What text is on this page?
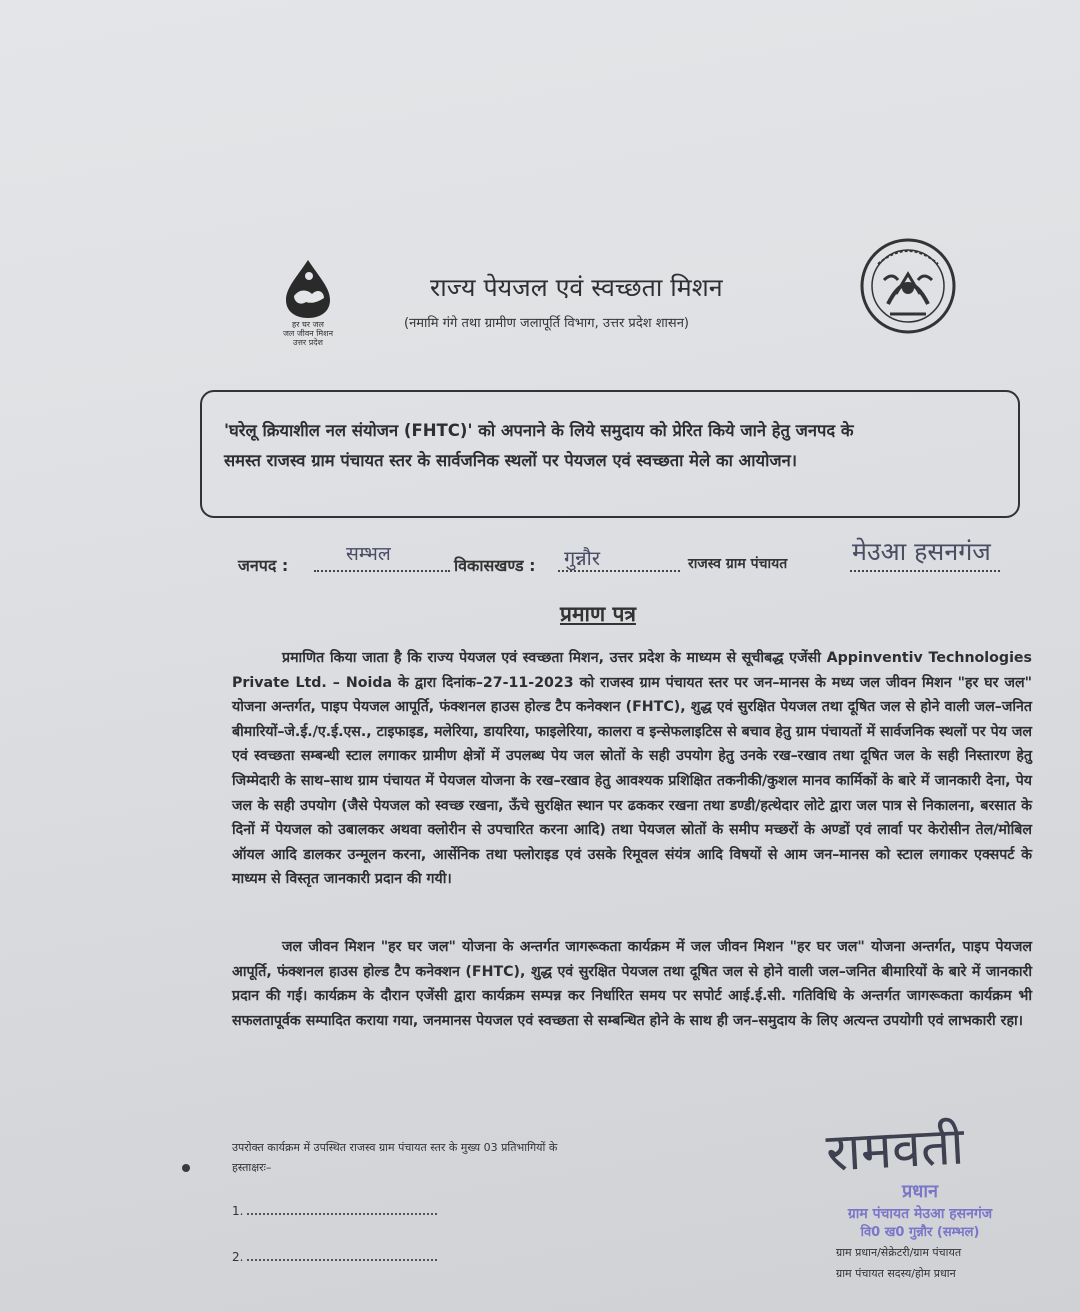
हर घर जल
जल जीवन मिशन
उत्तर प्रदेश
राज्य पेयजल एवं स्वच्छता मिशन
(नमामि गंगे तथा ग्रामीण जलापूर्ति विभाग, उत्तर प्रदेश शासन)
'घरेलू क्रियाशील नल संयोजन (FHTC)' को अपनाने के लिये समुदाय को प्रेरित किये जाने हेतु जनपद के
समस्त राजस्व ग्राम पंचायत स्तर के सार्वजनिक स्थलों पर पेयजल एवं स्वच्छता मेले का आयोजन।
जनपद :
सम्भल
विकासखण्ड : गुन्नौर	राजस्व ग्राम पंचायत	मेउआ हसनगंज
प्रमाण पत्र
प्रमाणित किया जाता है कि राज्य पेयजल एवं स्वच्छता मिशन, उत्तर प्रदेश के माध्यम से सूचीबद्ध एजेंसी Appinventiv Technologies Private Ltd. – Noida के द्वारा दिनांक–27-11-2023 को राजस्व ग्राम पंचायत स्तर पर जन–मानस के मध्य जल जीवन मिशन "हर घर जल" योजना अन्तर्गत, पाइप पेयजल आपूर्ति, फंक्शनल हाउस होल्ड टैप कनेक्शन (FHTC), शुद्ध एवं सुरक्षित पेयजल तथा दूषित जल से होने वाली जल–जनित बीमारियों–जे.ई./ए.ई.एस., टाइफाइड, मलेरिया, डायरिया, फाइलेरिया, कालरा व इन्सेफलाइटिस से बचाव हेतु ग्राम पंचायतों में सार्वजनिक स्थलों पर पेय जल एवं स्वच्छता सम्बन्धी स्टाल लगाकर ग्रामीण क्षेत्रों में उपलब्ध पेय जल स्रोतों के सही उपयोग हेतु उनके रख–रखाव तथा दूषित जल के सही निस्तारण हेतु जिम्मेदारी के साथ–साथ ग्राम पंचायत में पेयजल योजना के रख–रखाव हेतु आवश्यक प्रशिक्षित तकनीकी/कुशल मानव कार्मिकों के बारे में जानकारी देना, पेय जल के सही उपयोग (जैसे पेयजल को स्वच्छ रखना, ऊँचे सुरक्षित स्थान पर ढककर रखना तथा डण्डी/हत्थेदार लोटे द्वारा जल पात्र से निकालना, बरसात के दिनों में पेयजल को उबालकर अथवा क्लोरीन से उपचारित करना आदि) तथा पेयजल स्रोतों के समीप मच्छरों के अण्डों एवं लार्वा पर केरोसीन तेल/मोबिल ऑयल आदि डालकर उन्मूलन करना, आर्सेनिक तथा फ्लोराइड एवं उसके रिमूवल संयंत्र आदि विषयों से आम जन–मानस को स्टाल लगाकर एक्सपर्ट के माध्यम से विस्तृत जानकारी प्रदान की गयी।
जल जीवन मिशन "हर घर जल" योजना के अन्तर्गत जागरूकता कार्यक्रम में जल जीवन मिशन "हर घर जल" योजना अन्तर्गत, पाइप पेयजल आपूर्ति, फंक्शनल हाउस होल्ड टैप कनेक्शन (FHTC), शुद्ध एवं सुरक्षित पेयजल तथा दूषित जल से होने वाली जल–जनित बीमारियों के बारे में जानकारी प्रदान की गई। कार्यक्रम के दौरान एजेंसी द्वारा कार्यक्रम सम्पन्न कर निर्धारित समय पर सपोर्ट आई.ई.सी. गतिविधि के अन्तर्गत जागरूकता कार्यक्रम भी सफलतापूर्वक सम्पादित कराया गया, जनमानस पेयजल एवं स्वच्छता से सम्बन्धित होने के साथ ही जन–समुदाय के लिए अत्यन्त उपयोगी एवं लाभकारी रहा।
उपरोक्त कार्यक्रम में उपस्थित राजस्व ग्राम पंचायत स्तर के मुख्य 03 प्रतिभागियों के
हस्ताक्षरः–
1.
2.
रामवती
प्रधान
ग्राम पंचायत मेउआ हसनगंज
वि0 ख0 गुन्नौर (सम्भल)
ग्राम प्रधान/सेक्रेटरी/ग्राम पंचायत
ग्राम पंचायत सदस्य/होम प्रधान
